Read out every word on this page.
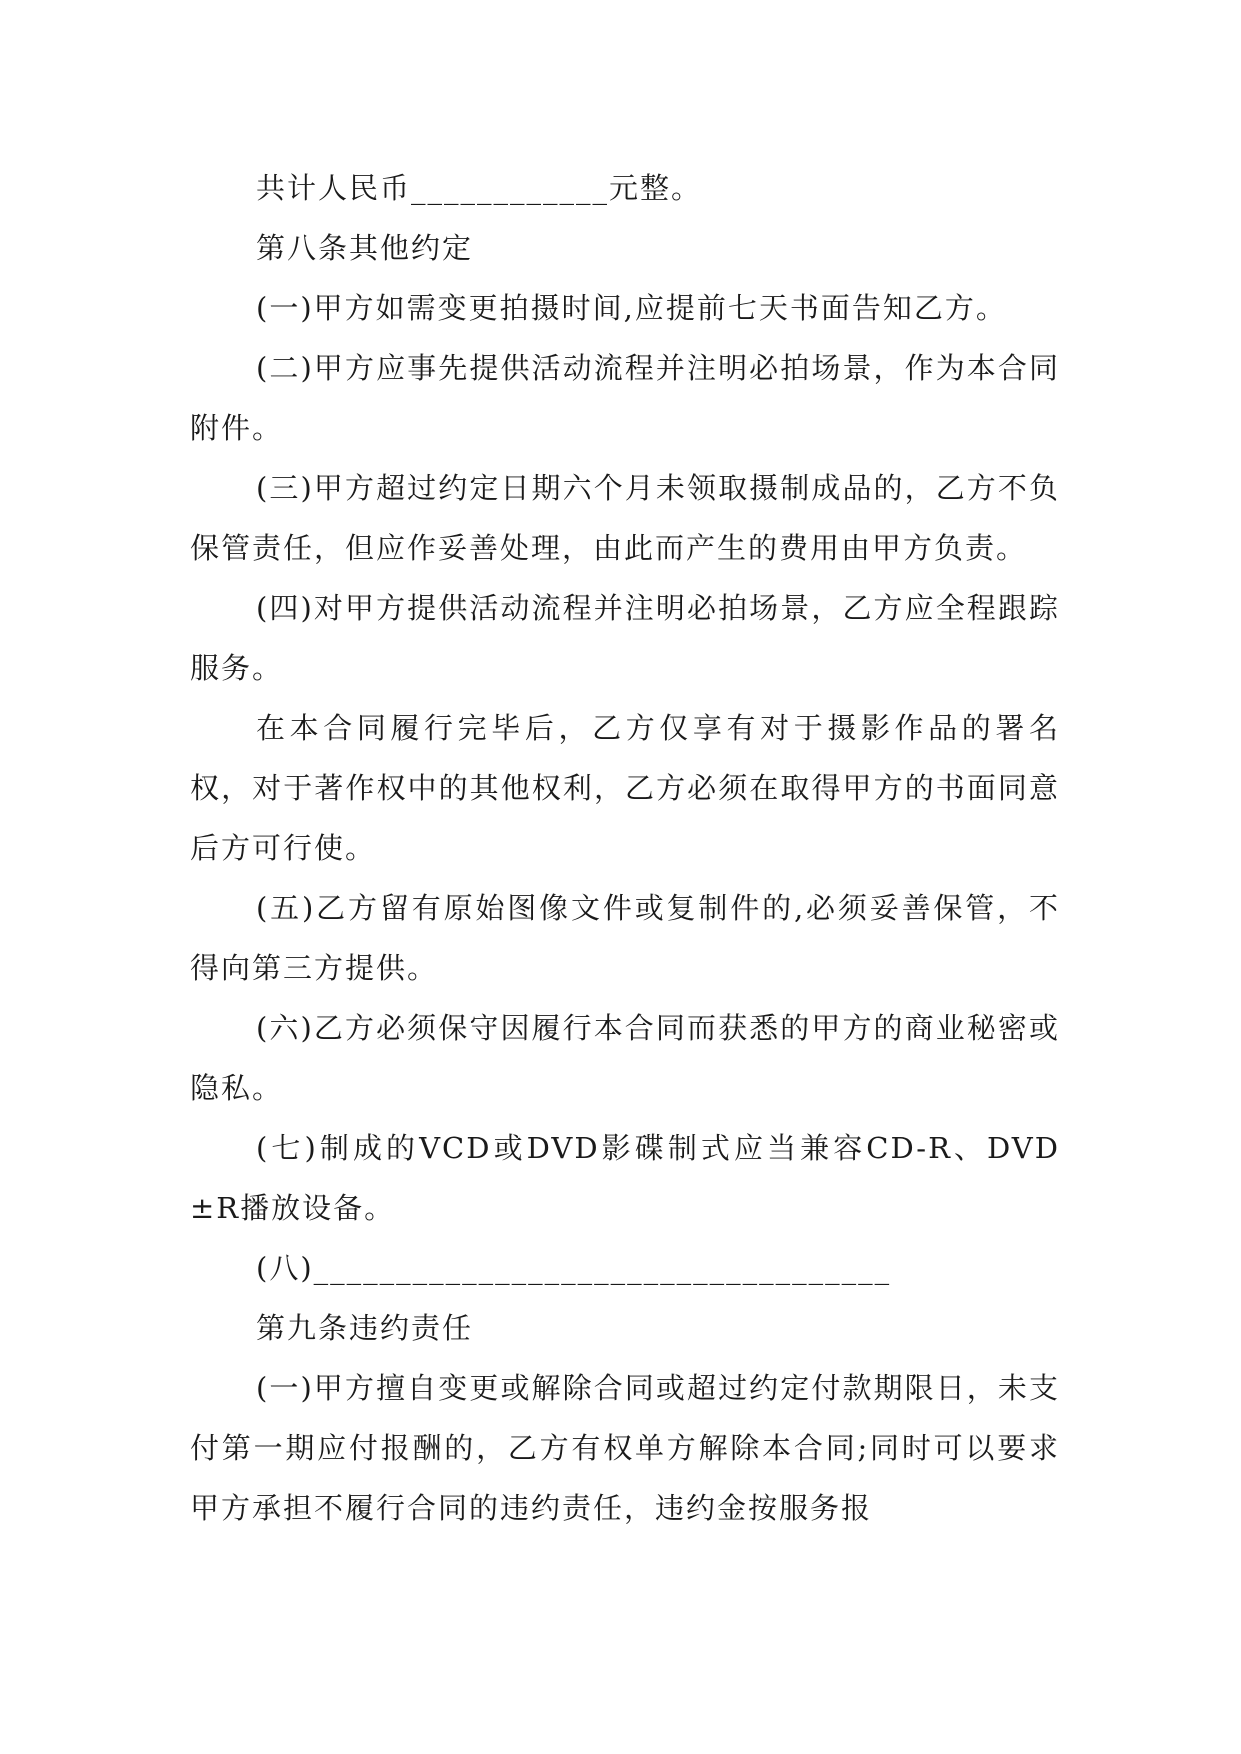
共计人民币____________元整。

第八条其他约定

(一)甲方如需变更拍摄时间,应提前七天书面告知乙方。

(二)甲方应事先提供活动流程并注明必拍场景，作为本合同附件。

(三)甲方超过约定日期六个月未领取摄制成品的，乙方不负保管责任，但应作妥善处理，由此而产生的费用由甲方负责。

(四)对甲方提供活动流程并注明必拍场景，乙方应全程跟踪服务。

在本合同履行完毕后，乙方仅享有对于摄影作品的署名权，对于著作权中的其他权利，乙方必须在取得甲方的书面同意后方可行使。

(五)乙方留有原始图像文件或复制件的,必须妥善保管，不得向第三方提供。

(六)乙方必须保守因履行本合同而获悉的甲方的商业秘密或隐私。

(七)制成的VCD或DVD影碟制式应当兼容CD-R、DVD±R播放设备。

(八)___________________________________

第九条违约责任

(一)甲方擅自变更或解除合同或超过约定付款期限日，未支付第一期应付报酬的，乙方有权单方解除本合同;同时可以要求甲方承担不履行合同的违约责任，违约金按服务报
